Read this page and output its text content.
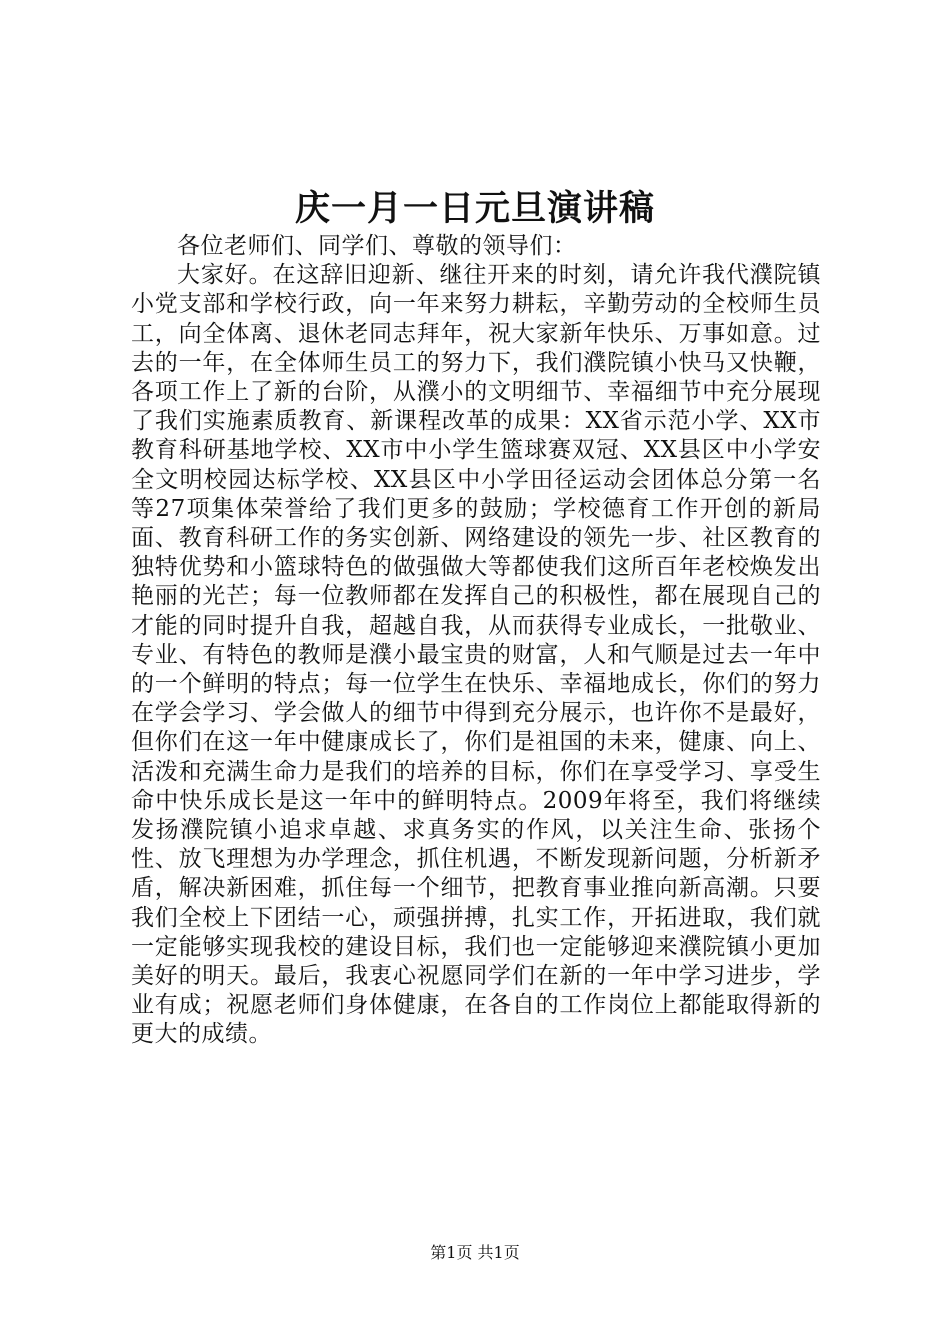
庆一月一日元旦演讲稿

各位老师们、同学们、尊敬的领导们：

大家好。在这辞旧迎新、继往开来的时刻，请允许我代濮院镇小党支部和学校行政，向一年来努力耕耘，辛勤劳动的全校师生员工，向全体离、退休老同志拜年，祝大家新年快乐、万事如意。过去的一年，在全体师生员工的努力下，我们濮院镇小快马又快鞭，各项工作上了新的台阶，从濮小的文明细节、幸福细节中充分展现了我们实施素质教育、新课程改革的成果：XX省示范小学、XX市教育科研基地学校、XX市中小学生篮球赛双冠、XX县区中小学安全文明校园达标学校、XX县区中小学田径运动会团体总分第一名等27项集体荣誉给了我们更多的鼓励；学校德育工作开创的新局面、教育科研工作的务实创新、网络建设的领先一步、社区教育的独特优势和小篮球特色的做强做大等都使我们这所百年老校焕发出艳丽的光芒；每一位教师都在发挥自己的积极性，都在展现自己的才能的同时提升自我，超越自我，从而获得专业成长，一批敬业、专业、有特色的教师是濮小最宝贵的财富，人和气顺是过去一年中的一个鲜明的特点；每一位学生在快乐、幸福地成长，你们的努力在学会学习、学会做人的细节中得到充分展示，也许你不是最好，但你们在这一年中健康成长了，你们是祖国的未来，健康、向上、活泼和充满生命力是我们的培养的目标，你们在享受学习、享受生命中快乐成长是这一年中的鲜明特点。2009年将至，我们将继续发扬濮院镇小追求卓越、求真务实的作风，以关注生命、张扬个性、放飞理想为办学理念，抓住机遇，不断发现新问题，分析新矛盾，解决新困难，抓住每一个细节，把教育事业推向新高潮。只要我们全校上下团结一心，顽强拼搏，扎实工作，开拓进取，我们就一定能够实现我校的建设目标，我们也一定能够迎来濮院镇小更加美好的明天。最后，我衷心祝愿同学们在新的一年中学习进步，学业有成；祝愿老师们身体健康，在各自的工作岗位上都能取得新的更大的成绩。

第1页 共1页
